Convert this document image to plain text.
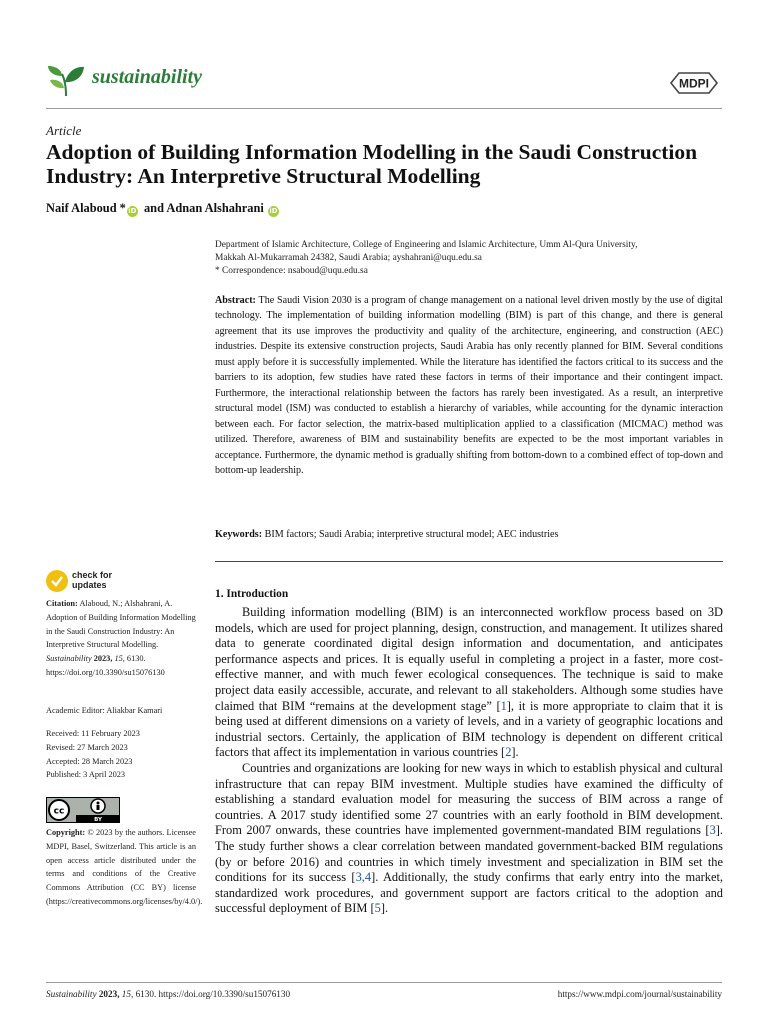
sustainability	MDPI
Article
Adoption of Building Information Modelling in the Saudi Construction Industry: An Interpretive Structural Modelling
Naif Alaboud * iD and Adnan Alshahrani iD
Department of Islamic Architecture, College of Engineering and Islamic Architecture, Umm Al-Qura University,
Makkah Al-Mukarramah 24382, Saudi Arabia; ayshahrani@uqu.edu.sa
* Correspondence: nsaboud@uqu.edu.sa
Abstract: The Saudi Vision 2030 is a program of change management on a national level driven mostly by the use of digital technology. The implementation of building information modelling (BIM) is part of this change, and there is general agreement that its use improves the productivity and quality of the architecture, engineering, and construction (AEC) industries. Despite its extensive construction projects, Saudi Arabia has only recently planned for BIM. Several conditions must apply before it is successfully implemented. While the literature has identified the factors critical to its success and the barriers to its adoption, few studies have rated these factors in terms of their importance and their contingent impact. Furthermore, the interactional relationship between the factors has rarely been investigated. As a result, an interpretive structural model (ISM) was conducted to establish a hierarchy of variables, while accounting for the dynamic interaction between each. For factor selection, the matrix-based multiplication applied to a classification (MICMAC) method was utilized. Therefore, awareness of BIM and sustainability benefits are expected to be the most important variables in acceptance. Furthermore, the dynamic method is gradually shifting from bottom-down to a combined effect of top-down and bottom-up leadership.
Keywords: BIM factors; Saudi Arabia; interpretive structural model; AEC industries
check for
updates
Citation: Alaboud, N.; Alshahrani, A. Adoption of Building Information Modelling in the Saudi Construction Industry: An Interpretive Structural Modelling. Sustainability 2023, 15, 6130. https://doi.org/10.3390/su15076130
Academic Editor: Aliakbar Kamari
Received: 11 February 2023
Revised: 27 March 2023
Accepted: 28 March 2023
Published: 3 April 2023
cc
BY
Copyright: © 2023 by the authors. Licensee MDPI, Basel, Switzerland. This article is an open access article distributed under the terms and conditions of the Creative Commons Attribution (CC BY) license (https://creativecommons.org/licenses/by/4.0/).
1. Introduction

Building information modelling (BIM) is an interconnected workflow process based on 3D models, which are used for project planning, design, construction, and management. It utilizes shared data to generate coordinated digital design information and documentation, and anticipates performance aspects and prices. It is equally useful in completing a project in a faster, more cost-effective manner, and with much fewer ecological consequences. The technique is said to make project data easily accessible, accurate, and relevant to all stakeholders. Although some studies have claimed that BIM “remains at the development stage” [1], it is more appropriate to claim that it is being used at different dimensions on a variety of levels, and in a variety of geographic locations and industrial sectors. Certainly, the application of BIM technology is dependent on different critical factors that affect its implementation in various countries [2].

Countries and organizations are looking for new ways in which to establish physical and cultural infrastructure that can repay BIM investment. Multiple studies have examined the difficulty of establishing a standard evaluation model for measuring the success of BIM across a range of countries. A 2017 study identified some 27 countries with an early foothold in BIM development. From 2007 onwards, these countries have implemented government-mandated BIM regulations [3]. The study further shows a clear correlation between mandated government-backed BIM regulations (by or before 2016) and countries in which timely investment and specialization in BIM set the conditions for its success [3,4]. Additionally, the study confirms that early entry into the market, standardized work procedures, and government support are factors critical to the adoption and successful deployment of BIM [5].

Sustainability 2023, 15, 6130. https://doi.org/10.3390/su15076130	https://www.mdpi.com/journal/sustainability
